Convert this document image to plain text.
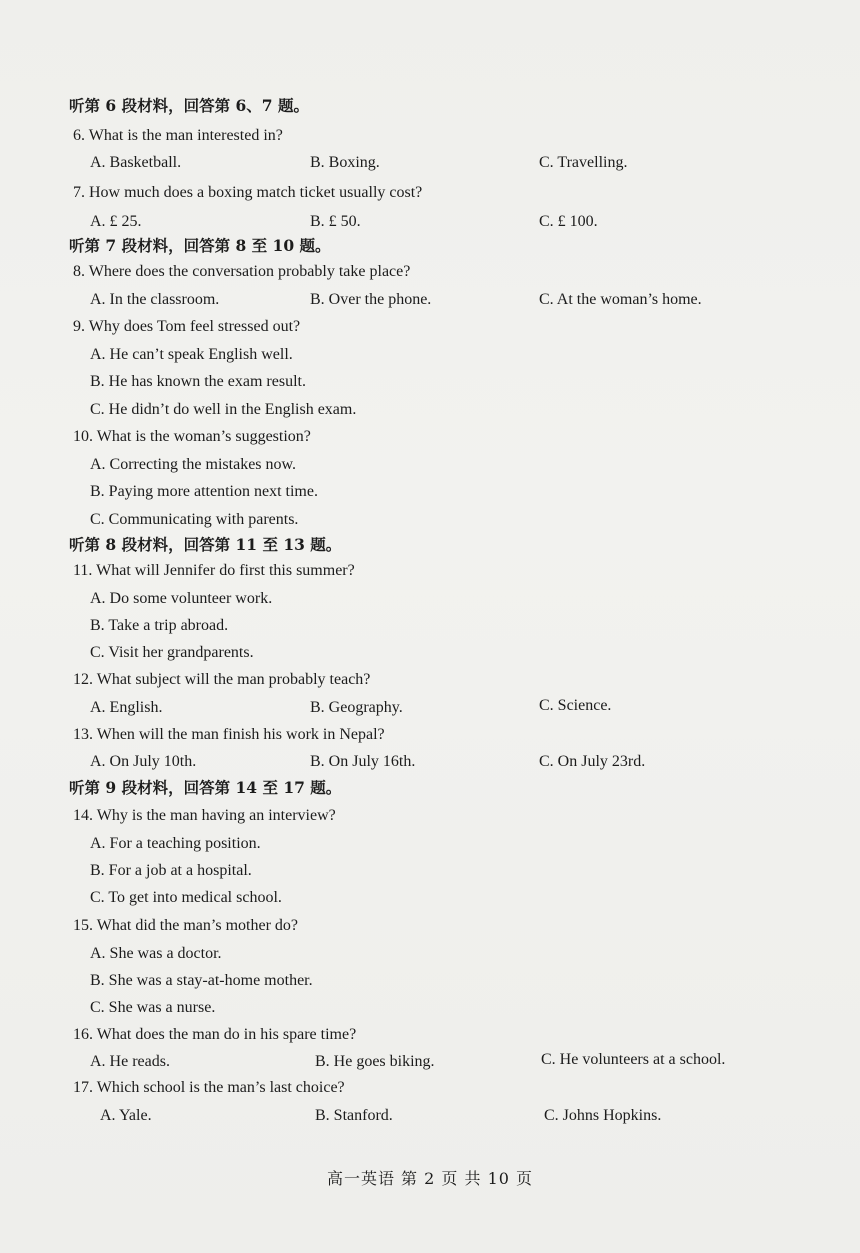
听第 6 段材料，回答第 6、7 题。
6. What is the man interested in?
A. Basketball.	B. Boxing.	C. Travelling.
7. How much does a boxing match ticket usually cost?
A. £ 25.	B. £ 50.	C. £ 100.
听第 7 段材料，回答第 8 至 10 题。
8. Where does the conversation probably take place?
A. In the classroom.	B. Over the phone.	C. At the woman’s home.
9. Why does Tom feel stressed out?
A. He can’t speak English well.
B. He has known the exam result.
C. He didn’t do well in the English exam.
10. What is the woman’s suggestion?
A. Correcting the mistakes now.
B. Paying more attention next time.
C. Communicating with parents.
听第 8 段材料，回答第 11 至 13 题。
11. What will Jennifer do first this summer?
A. Do some volunteer work.
B. Take a trip abroad.
C. Visit her grandparents.
12. What subject will the man probably teach?
A. English.	B. Geography.	C. Science.
13. When will the man finish his work in Nepal?
A. On July 10th.	B. On July 16th.	C. On July 23rd.
听第 9 段材料，回答第 14 至 17 题。
14. Why is the man having an interview?
A. For a teaching position.
B. For a job at a hospital.
C. To get into medical school.
15. What did the man’s mother do?
A. She was a doctor.
B. She was a stay-at-home mother.
C. She was a nurse.
16. What does the man do in his spare time?
A. He reads.	B. He goes biking.	C. He volunteers at a school.
17. Which school is the man’s last choice?
A. Yale.	B. Stanford.	C. Johns Hopkins.
高一英语 第 2 页 共 10 页
